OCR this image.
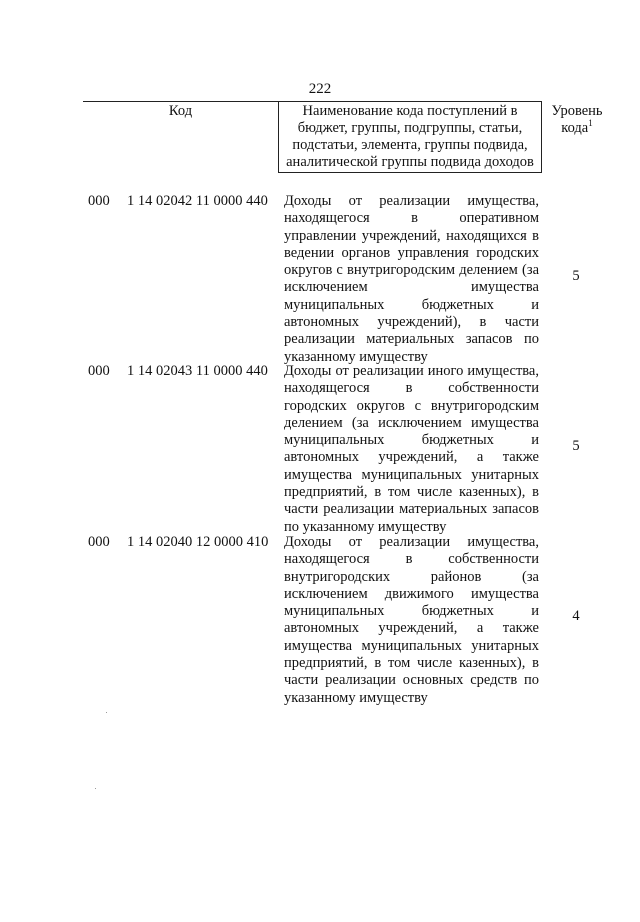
222
Код	Наименование кода поступлений в
бюджет, группы, подгруппы, статьи,
подстатьи, элемента, группы подвида,
аналитической группы подвида доходов
Уровень
кода$^1$
000 1 14 02042 11 0000 440 Доходы от реализации имущества,
находящегося в оперативном
управлении учреждений, находящихся в
ведении органов управления городских
округов с внутригородским делением (за
исключением имущества
муниципальных бюджетных и
автономных учреждений), в части
реализации материальных запасов по
указанному имуществу
5
000 1 14 02043 11 0000 440 Доходы от реализации иного имущества,
находящегося в собственности
городских округов с внутригородским
делением (за исключением имущества
муниципальных бюджетных и
автономных учреждений, а также
имущества муниципальных унитарных
предприятий, в том числе казенных), в
части реализации материальных запасов
по указанному имуществу
5
000 1 14 02040 12 0000 410 Доходы от реализации имущества,
находящегося в собственности
внутригородских районов (за
исключением движимого имущества
муниципальных бюджетных и
автономных учреждений, а также
имущества муниципальных унитарных
предприятий, в том числе казенных), в
части реализации основных средств по
указанному имуществу
4
